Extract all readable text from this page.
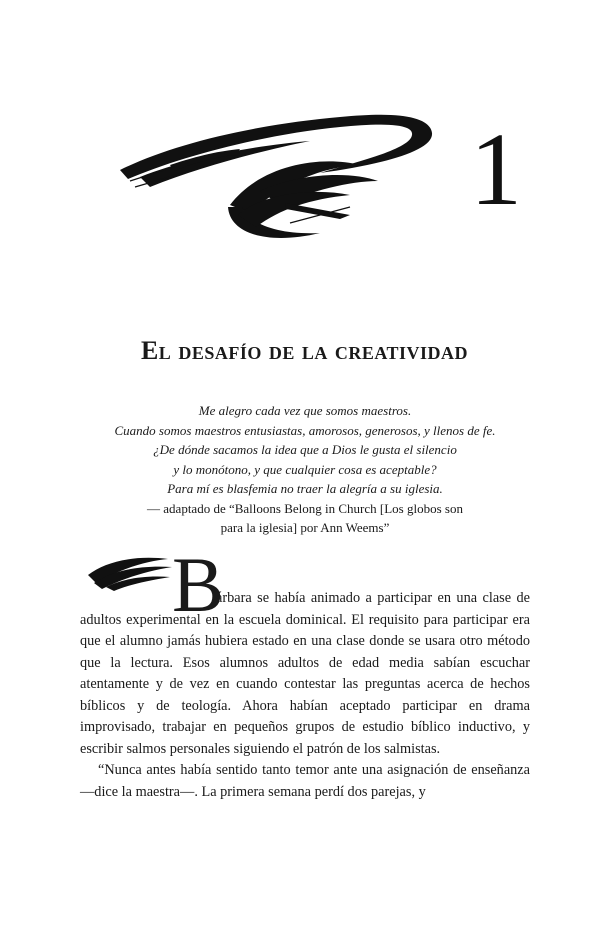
1
El desafío de la creatividad
Me alegro cada vez que somos maestros.
Cuando somos maestros entusiastas, amorosos, generosos, y llenos de fe.
¿De dónde sacamos la idea que a Dios le gusta el silencio
y lo monótono, y que cualquier cosa es aceptable?
Para mí es blasfemia no traer la alegría a su iglesia.
— adaptado de “Balloons Belong in Church [Los globos son
para la iglesia] por Ann Weems”
B

árbara se había animado a participar en una clase de adultos experimental en la escuela dominical. El requisito para participar era que el alumno jamás hubiera estado en una clase donde se usara otro método que la lectura. Esos alumnos adultos de edad media sabían escuchar atentamente y de vez en cuando contestar las preguntas acerca de hechos bíblicos y de teología. Ahora habían aceptado participar en drama improvisado, trabajar en pequeños grupos de estudio bíblico inductivo, y escribir salmos personales siguiendo el patrón de los salmistas.

“Nunca antes había sentido tanto temor ante una asignación de enseñanza —dice la maestra—. La primera semana perdí dos parejas, y
